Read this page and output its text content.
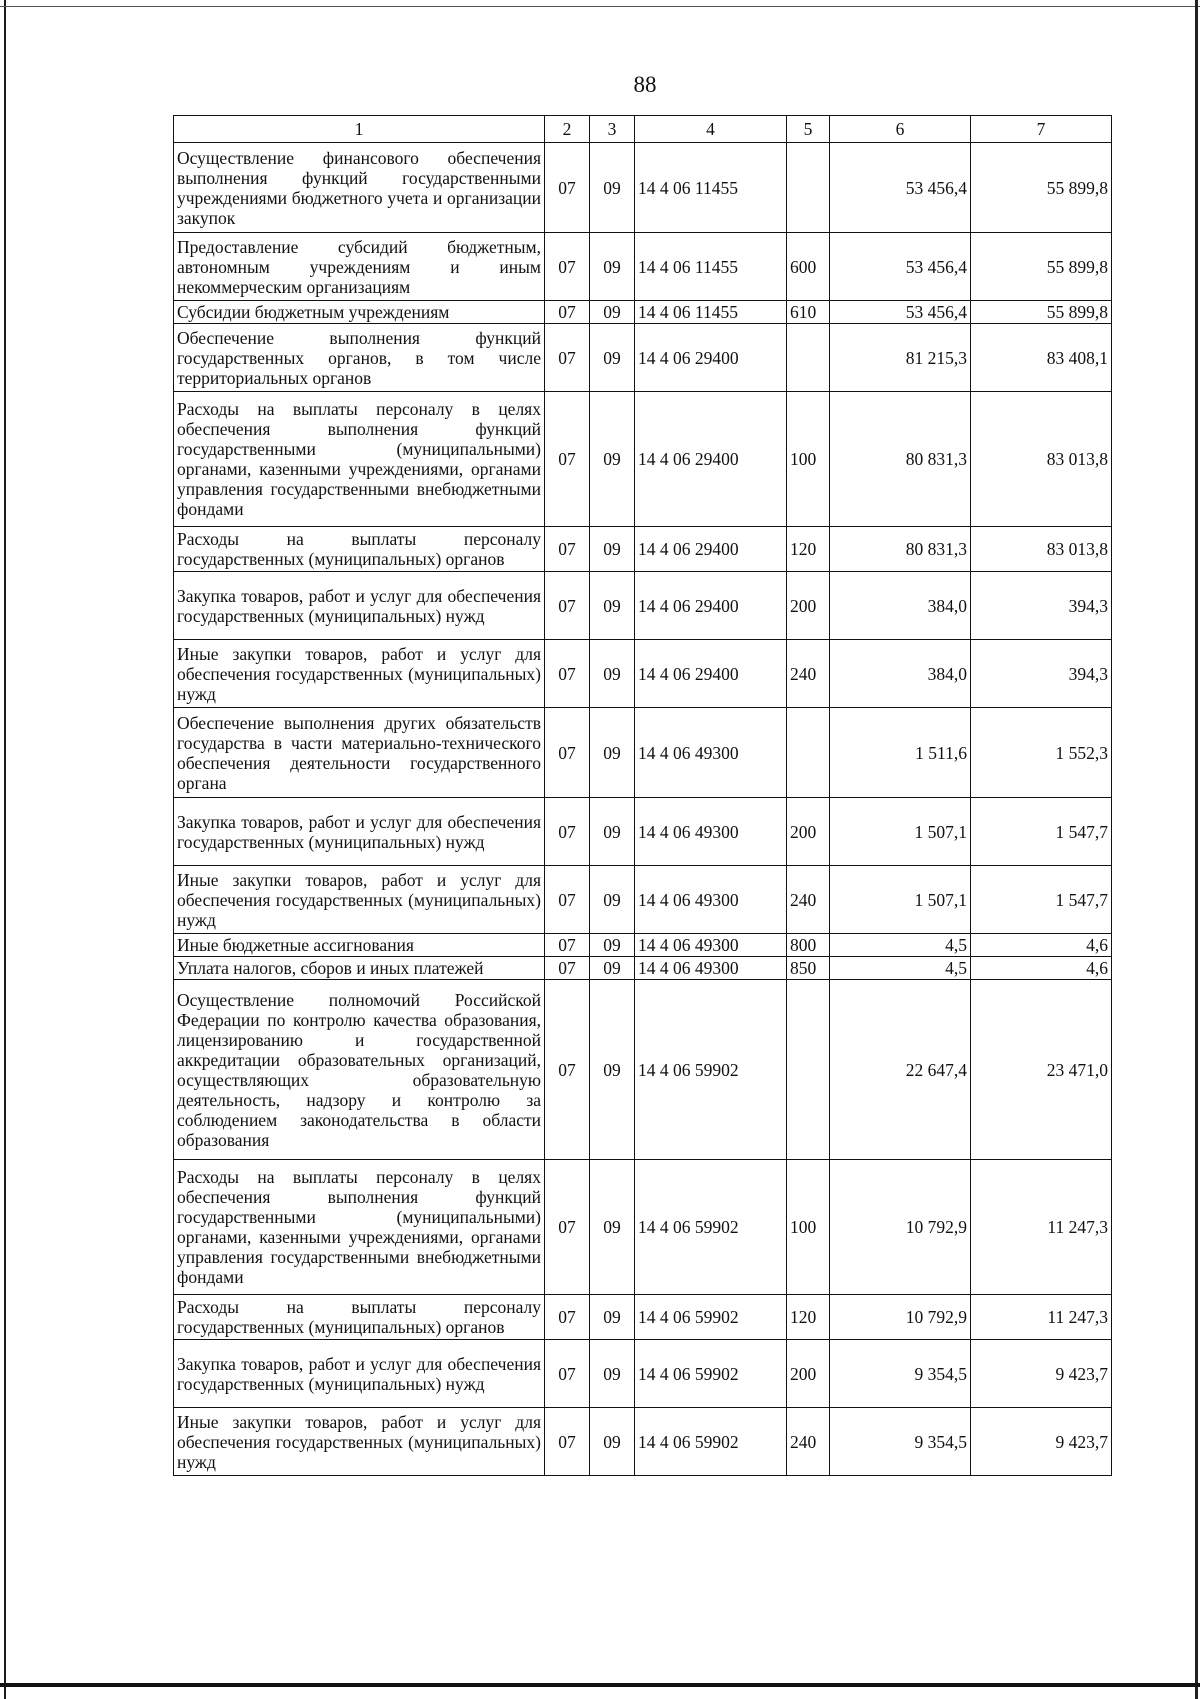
88
1	2	3	4	5	6	7
Осуществление финансового обеспечения выполнения функций государственными учреждениями бюджетного учета и организации закупок	07	09	14 4 06 11455		53 456,4	55 899,8
Предоставление субсидий бюджетным, автономным учреждениям и иным некоммерческим организациям	07	09	14 4 06 11455	600	53 456,4	55 899,8
Субсидии бюджетным учреждениям	07	09	14 4 06 11455	610	53 456,4	55 899,8
Обеспечение выполнения функций государственных органов, в том числе территориальных органов	07	09	14 4 06 29400		81 215,3	83 408,1
Расходы на выплаты персоналу в целях обеспечения выполнения функций государственными (муниципальными) органами, казенными учреждениями, органами управления государственными внебюджетными фондами	07	09	14 4 06 29400	100	80 831,3	83 013,8
Расходы на выплаты персоналу государственных (муниципальных) органов	07	09	14 4 06 29400	120	80 831,3	83 013,8
Закупка товаров, работ и услуг для обеспечения государственных (муниципальных) нужд	07	09	14 4 06 29400	200	384,0	394,3
Иные закупки товаров, работ и услуг для обеспечения государственных (муниципальных) нужд	07	09	14 4 06 29400	240	384,0	394,3
Обеспечение выполнения других обязательств государства в части материально-технического обеспечения деятельности государственного органа	07	09	14 4 06 49300		1 511,6	1 552,3
Закупка товаров, работ и услуг для обеспечения государственных (муниципальных) нужд	07	09	14 4 06 49300	200	1 507,1	1 547,7
Иные закупки товаров, работ и услуг для обеспечения государственных (муниципальных) нужд	07	09	14 4 06 49300	240	1 507,1	1 547,7
Иные бюджетные ассигнования	07	09	14 4 06 49300	800	4,5	4,6
Уплата налогов, сборов и иных платежей	07	09	14 4 06 49300	850	4,5	4,6
Осуществление полномочий Российской Федерации по контролю качества образования, лицензированию и государственной аккредитации образовательных организаций, осуществляющих образовательную деятельность, надзору и контролю за соблюдением законодательства в области образования	07	09	14 4 06 59902		22 647,4	23 471,0
Расходы на выплаты персоналу в целях обеспечения выполнения функций государственными (муниципальными) органами, казенными учреждениями, органами управления государственными внебюджетными фондами	07	09	14 4 06 59902	100	10 792,9	11 247,3
Расходы на выплаты персоналу государственных (муниципальных) органов	07	09	14 4 06 59902	120	10 792,9	11 247,3
Закупка товаров, работ и услуг для обеспечения государственных (муниципальных) нужд	07	09	14 4 06 59902	200	9 354,5	9 423,7
Иные закупки товаров, работ и услуг для обеспечения государственных (муниципальных) нужд	07	09	14 4 06 59902	240	9 354,5	9 423,7
